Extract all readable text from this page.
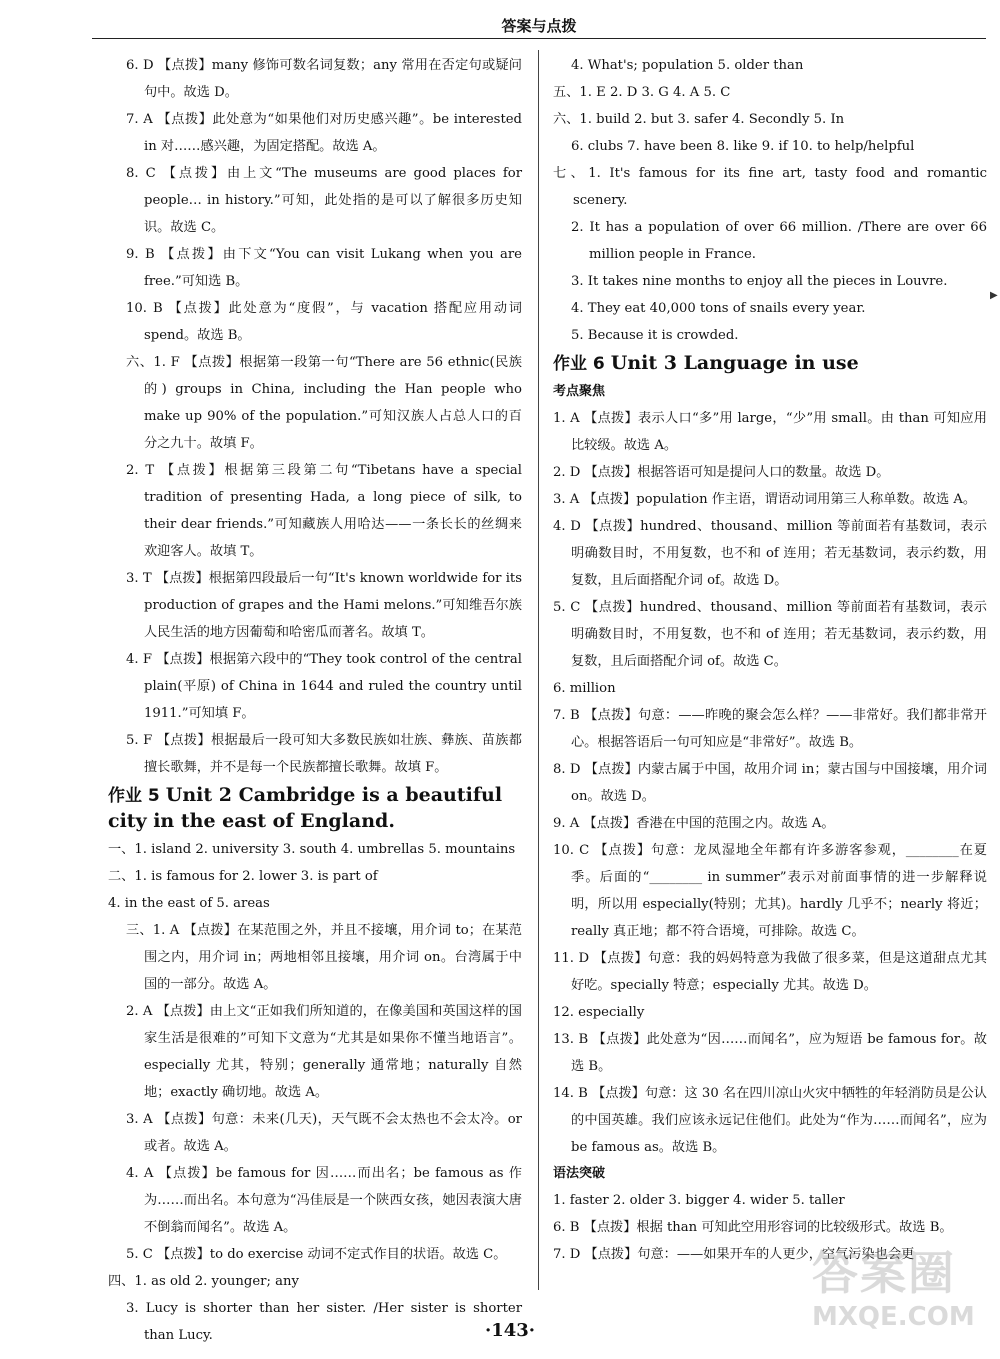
答案与点拨

6. D 【点拨】many 修饰可数名词复数；any 常用在否定句或疑问句中。故选 D。

7. A 【点拨】此处意为“如果他们对历史感兴趣”。be interested in 对……感兴趣，为固定搭配。故选 A。

8. C 【点拨】由上文“The museums are good places for people… in history.”可知，此处指的是可以了解很多历史知识。故选 C。

9. B 【点拨】由下文“You can visit Lukang when you are free.”可知选 B。

10. B 【点拨】此处意为“度假”，与 vacation 搭配应用动词 spend。故选 B。

六、1. F 【点拨】根据第一段第一句“There are 56 ethnic(民族的) groups in China, including the Han people who make up 90% of the population.”可知汉族人占总人口的百分之九十。故填 F。

2. T 【点拨】根据第三段第二句“Tibetans have a special tradition of presenting Hada, a long piece of silk, to their dear friends.”可知藏族人用哈达——一条长长的丝绸来欢迎客人。故填 T。

3. T 【点拨】根据第四段最后一句“It's known worldwide for its production of grapes and the Hami melons.”可知维吾尔族人民生活的地方因葡萄和哈密瓜而著名。故填 T。

4. F 【点拨】根据第六段中的“They took control of the central plain(平原) of China in 1644 and ruled the country until 1911.”可知填 F。

5. F 【点拨】根据最后一段可知大多数民族如壮族、彝族、苗族都擅长歌舞，并不是每一个民族都擅长歌舞。故填 F。

作业 5 Unit 2 Cambridge is a beautiful city in the east of England.

一、1. island 2. university 3. south 4. umbrellas 5. mountains

二、1. is famous for 2. lower 3. is part of

4. in the east of 5. areas

三、1. A 【点拨】在某范围之外，并且不接壤，用介词 to；在某范围之内，用介词 in；两地相邻且接壤，用介词 on。台湾属于中国的一部分。故选 A。

2. A 【点拨】由上文“正如我们所知道的，在像美国和英国这样的国家生活是很难的”可知下文意为“尤其是如果你不懂当地语言”。especially 尤其，特别；generally 通常地；naturally 自然地；exactly 确切地。故选 A。

3. A 【点拨】句意：未来(几天)，天气既不会太热也不会太冷。or 或者。故选 A。

4. A 【点拨】be famous for 因……而出名；be famous as 作为……而出名。本句意为“冯佳辰是一个陕西女孩，她因表演大唐不倒翁而闻名”。故选 A。

5. C 【点拨】to do exercise 动词不定式作目的状语。故选 C。

四、1. as old 2. younger; any

3. Lucy is shorter than her sister. /Her sister is shorter than Lucy.

4. What's; population 5. older than

五、1. E 2. D 3. G 4. A 5. C

六、1. build 2. but 3. safer 4. Secondly 5. In

6. clubs 7. have been 8. like 9. if 10. to help/helpful

七、1. It's famous for its fine art, tasty food and romantic scenery.

2. It has a population of over 66 million. /There are over 66 million people in France.

3. It takes nine months to enjoy all the pieces in Louvre.

4. They eat 40,000 tons of snails every year.

5. Because it is crowded.

作业 6 Unit 3 Language in use
考点聚焦

1. A 【点拨】表示人口“多”用 large，“少”用 small。由 than 可知应用比较级。故选 A。

2. D 【点拨】根据答语可知是提问人口的数量。故选 D。

3. A 【点拨】population 作主语，谓语动词用第三人称单数。故选 A。

4. D 【点拨】hundred、thousand、million 等前面若有基数词，表示明确数目时，不用复数，也不和 of 连用；若无基数词，表示约数，用复数，且后面搭配介词 of。故选 D。

5. C 【点拨】hundred、thousand、million 等前面若有基数词，表示明确数目时，不用复数，也不和 of 连用；若无基数词，表示约数，用复数，且后面搭配介词 of。故选 C。

6. million

7. B 【点拨】句意：——昨晚的聚会怎么样？——非常好。我们都非常开心。根据答语后一句可知应是“非常好”。故选 B。

8. D 【点拨】内蒙古属于中国，故用介词 in；蒙古国与中国接壤，用介词 on。故选 D。

9. A 【点拨】香港在中国的范围之内。故选 A。

10. C 【点拨】句意：龙凤湿地全年都有许多游客参观，________在夏季。后面的“________ in summer”表示对前面事情的进一步解释说明，所以用 especially(特别；尤其)。hardly 几乎不；nearly 将近；really 真正地；都不符合语境，可排除。故选 C。

11. D 【点拨】句意：我的妈妈特意为我做了很多菜，但是这道甜点尤其好吃。specially 特意；especially 尤其。故选 D。

12. especially

13. B 【点拨】此处意为“因……而闻名”，应为短语 be famous for。故选 B。

14. B 【点拨】句意：这 30 名在四川凉山火灾中牺牲的年轻消防员是公认的中国英雄。我们应该永远记住他们。此处为“作为……而闻名”，应为 be famous as。故选 B。

语法突破

1. faster 2. older 3. bigger 4. wider 5. taller

6. B 【点拨】根据 than 可知此空用形容词的比较级形式。故选 B。

7. D 【点拨】句意：——如果开车的人更少，空气污染也会更

▶
·143·
答案圈
MXQE.COM
